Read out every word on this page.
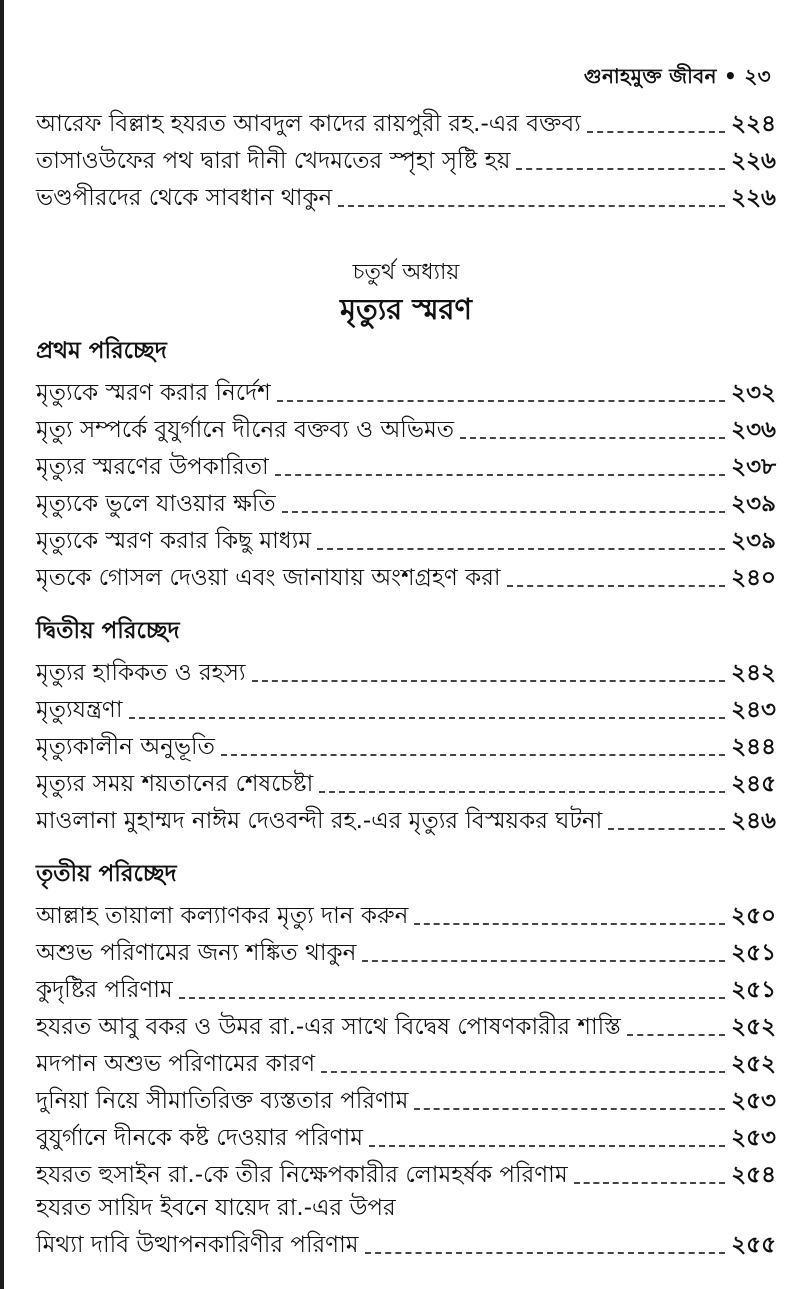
গুনাহমুক্ত জীবন • ২৩
আরেফ বিল্লাহ হযরত আবদুল কাদের রায়পুরী রহ.-এর বক্তব্য	২২৪
তাসাওউফের পথ দ্বারা দীনী খেদমতের স্পৃহা সৃষ্টি হয়	২২৬
ভণ্ডপীরদের থেকে সাবধান থাকুন	২২৬
চতুর্থ অধ্যায়
মৃত্যুর স্মরণ
প্রথম পরিচ্ছেদ
মৃত্যুকে স্মরণ করার নির্দেশ	২৩২
মৃত্যু সম্পর্কে বুযুর্গানে দীনের বক্তব্য ও অভিমত	২৩৬
মৃত্যুর স্মরণের উপকারিতা	২৩৮
মৃত্যুকে ভুলে যাওয়ার ক্ষতি	২৩৯
মৃত্যুকে স্মরণ করার কিছু মাধ্যম	২৩৯
মৃতকে গোসল দেওয়া এবং জানাযায় অংশগ্রহণ করা	২৪০
দ্বিতীয় পরিচ্ছেদ
মৃত্যুর হাকিকত ও রহস্য	২৪২
মৃত্যুযন্ত্রণা	২৪৩
মৃত্যুকালীন অনুভূতি	২৪৪
মৃত্যুর সময় শয়তানের শেষচেষ্টা	২৪৫
মাওলানা মুহাম্মদ নাঈম দেওবন্দী রহ.-এর মৃত্যুর বিস্ময়কর ঘটনা	২৪৬
তৃতীয় পরিচ্ছেদ
আল্লাহ তায়ালা কল্যাণকর মৃত্যু দান করুন	২৫০
অশুভ পরিণামের জন্য শঙ্কিত থাকুন	২৫১
কুদৃষ্টির পরিণাম	২৫১
হযরত আবু বকর ও উমর রা.-এর সাথে বিদ্বেষ পোষণকারীর শাস্তি	২৫২
মদপান অশুভ পরিণামের কারণ	২৫২
দুনিয়া নিয়ে সীমাতিরিক্ত ব্যস্ততার পরিণাম	২৫৩
বুযুর্গানে দীনকে কষ্ট দেওয়ার পরিণাম	২৫৩
হযরত হুসাইন রা.-কে তীর নিক্ষেপকারীর লোমহর্ষক পরিণাম	২৫৪
হযরত সায়িদ ইবনে যায়েদ রা.-এর উপর
মিথ্যা দাবি উত্থাপনকারিণীর পরিণাম	২৫৫
